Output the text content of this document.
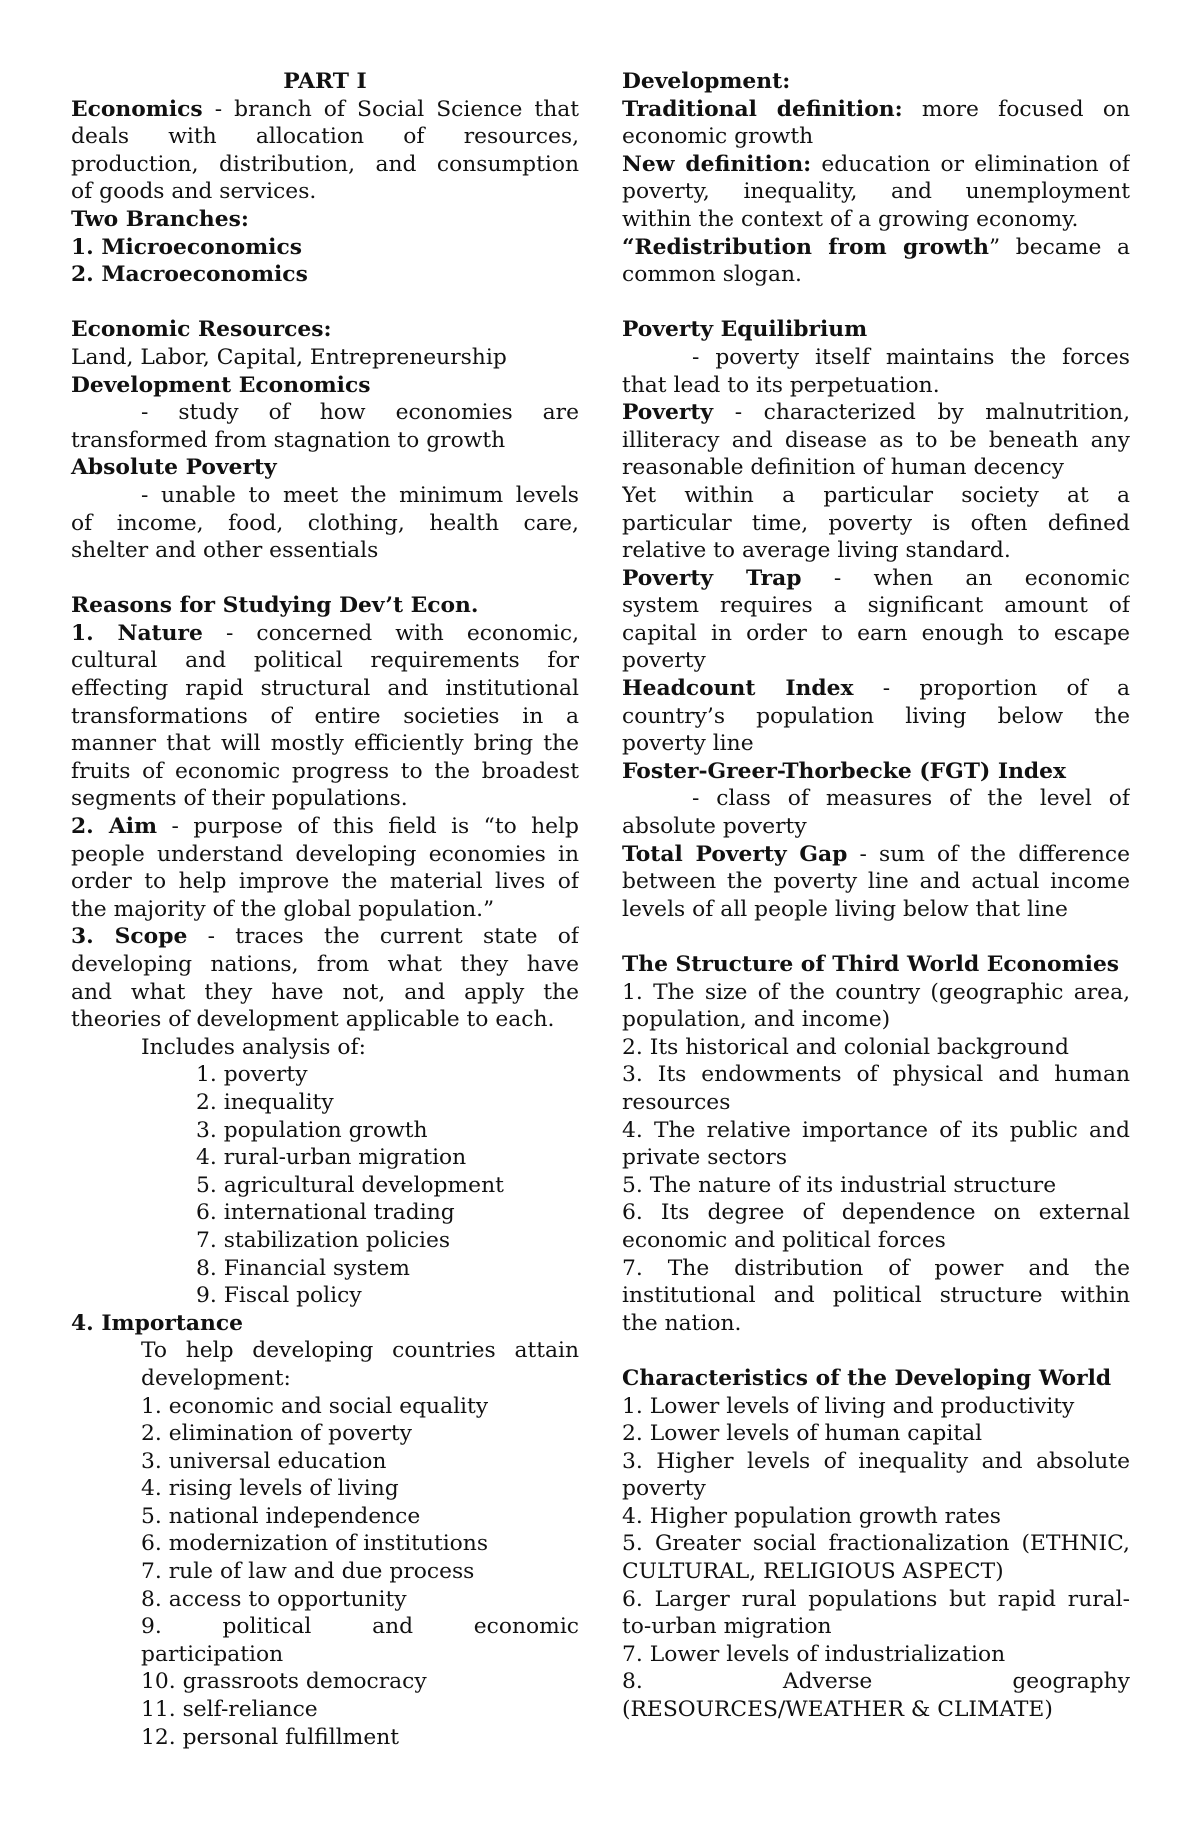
PART I
Economics - branch of Social Science that
deals with allocation of resources,
production, distribution, and consumption
of goods and services.
Two Branches:
1. Microeconomics
2. Macroeconomics
Economic Resources:
Land, Labor, Capital, Entrepreneurship
Development Economics
- study of how economies are
transformed from stagnation to growth
Absolute Poverty
- unable to meet the minimum levels
of income, food, clothing, health care,
shelter and other essentials
Reasons for Studying Dev’t Econ.
1. Nature - concerned with economic,
cultural and political requirements for
effecting rapid structural and institutional
transformations of entire societies in a
manner that will mostly efficiently bring the
fruits of economic progress to the broadest
segments of their populations.
2. Aim - purpose of this field is “to help
people understand developing economies in
order to help improve the material lives of
the majority of the global population.”
3. Scope - traces the current state of
developing nations, from what they have
and what they have not, and apply the
theories of development applicable to each.
Includes analysis of:
1. poverty
2. inequality
3. population growth
4. rural-urban migration
5. agricultural development
6. international trading
7. stabilization policies
8. Financial system
9. Fiscal policy
4. Importance
To help developing countries attain
development:
1. economic and social equality
2. elimination of poverty
3. universal education
4. rising levels of living
5. national independence
6. modernization of institutions
7. rule of law and due process
8. access to opportunity
9. political and economic
participation
10. grassroots democracy
11. self-reliance
12. personal fulfillment
Development:
Traditional definition: more focused on
economic growth
New definition: education or elimination of
poverty, inequality, and unemployment
within the context of a growing economy.
“Redistribution from growth” became a
common slogan.
Poverty Equilibrium
- poverty itself maintains the forces
that lead to its perpetuation.
Poverty - characterized by malnutrition,
illiteracy and disease as to be beneath any
reasonable definition of human decency
Yet within a particular society at a
particular time, poverty is often defined
relative to average living standard.
Poverty Trap - when an economic
system requires a significant amount of
capital in order to earn enough to escape
poverty
Headcount Index - proportion of a
country’s population living below the
poverty line
Foster-Greer-Thorbecke (FGT) Index
- class of measures of the level of
absolute poverty
Total Poverty Gap - sum of the difference
between the poverty line and actual income
levels of all people living below that line
The Structure of Third World Economies
1. The size of the country (geographic area,
population, and income)
2. Its historical and colonial background
3. Its endowments of physical and human
resources
4. The relative importance of its public and
private sectors
5. The nature of its industrial structure
6. Its degree of dependence on external
economic and political forces
7. The distribution of power and the
institutional and political structure within
the nation.
Characteristics of the Developing World
1. Lower levels of living and productivity
2. Lower levels of human capital
3. Higher levels of inequality and absolute
poverty
4. Higher population growth rates
5. Greater social fractionalization (ETHNIC,
CULTURAL, RELIGIOUS ASPECT)
6. Larger rural populations but rapid rural-
to-urban migration
7. Lower levels of industrialization
8. Adverse geography
(RESOURCES/WEATHER & CLIMATE)
